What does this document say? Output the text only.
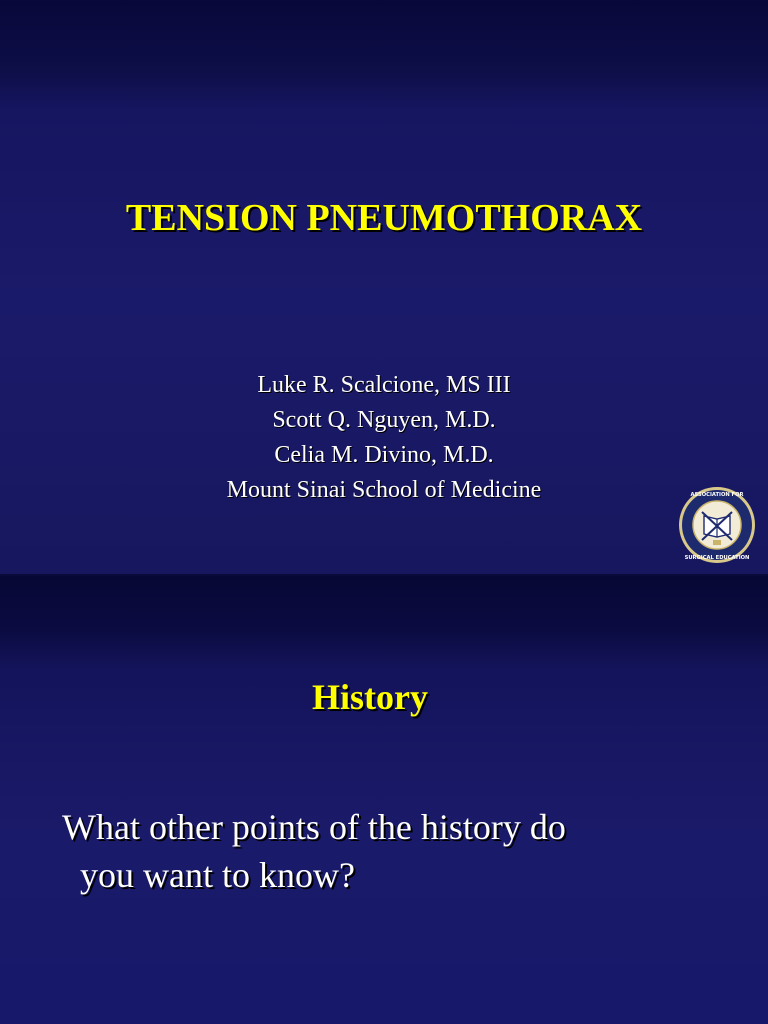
TENSION PNEUMOTHORAX
Luke R. Scalcione, MS III
Scott Q. Nguyen, M.D.
Celia M. Divino, M.D.
Mount Sinai School of Medicine	ASSOCIATION FOR
SURGICAL EDUCATION
History

What other points of the history do
you want to know?
